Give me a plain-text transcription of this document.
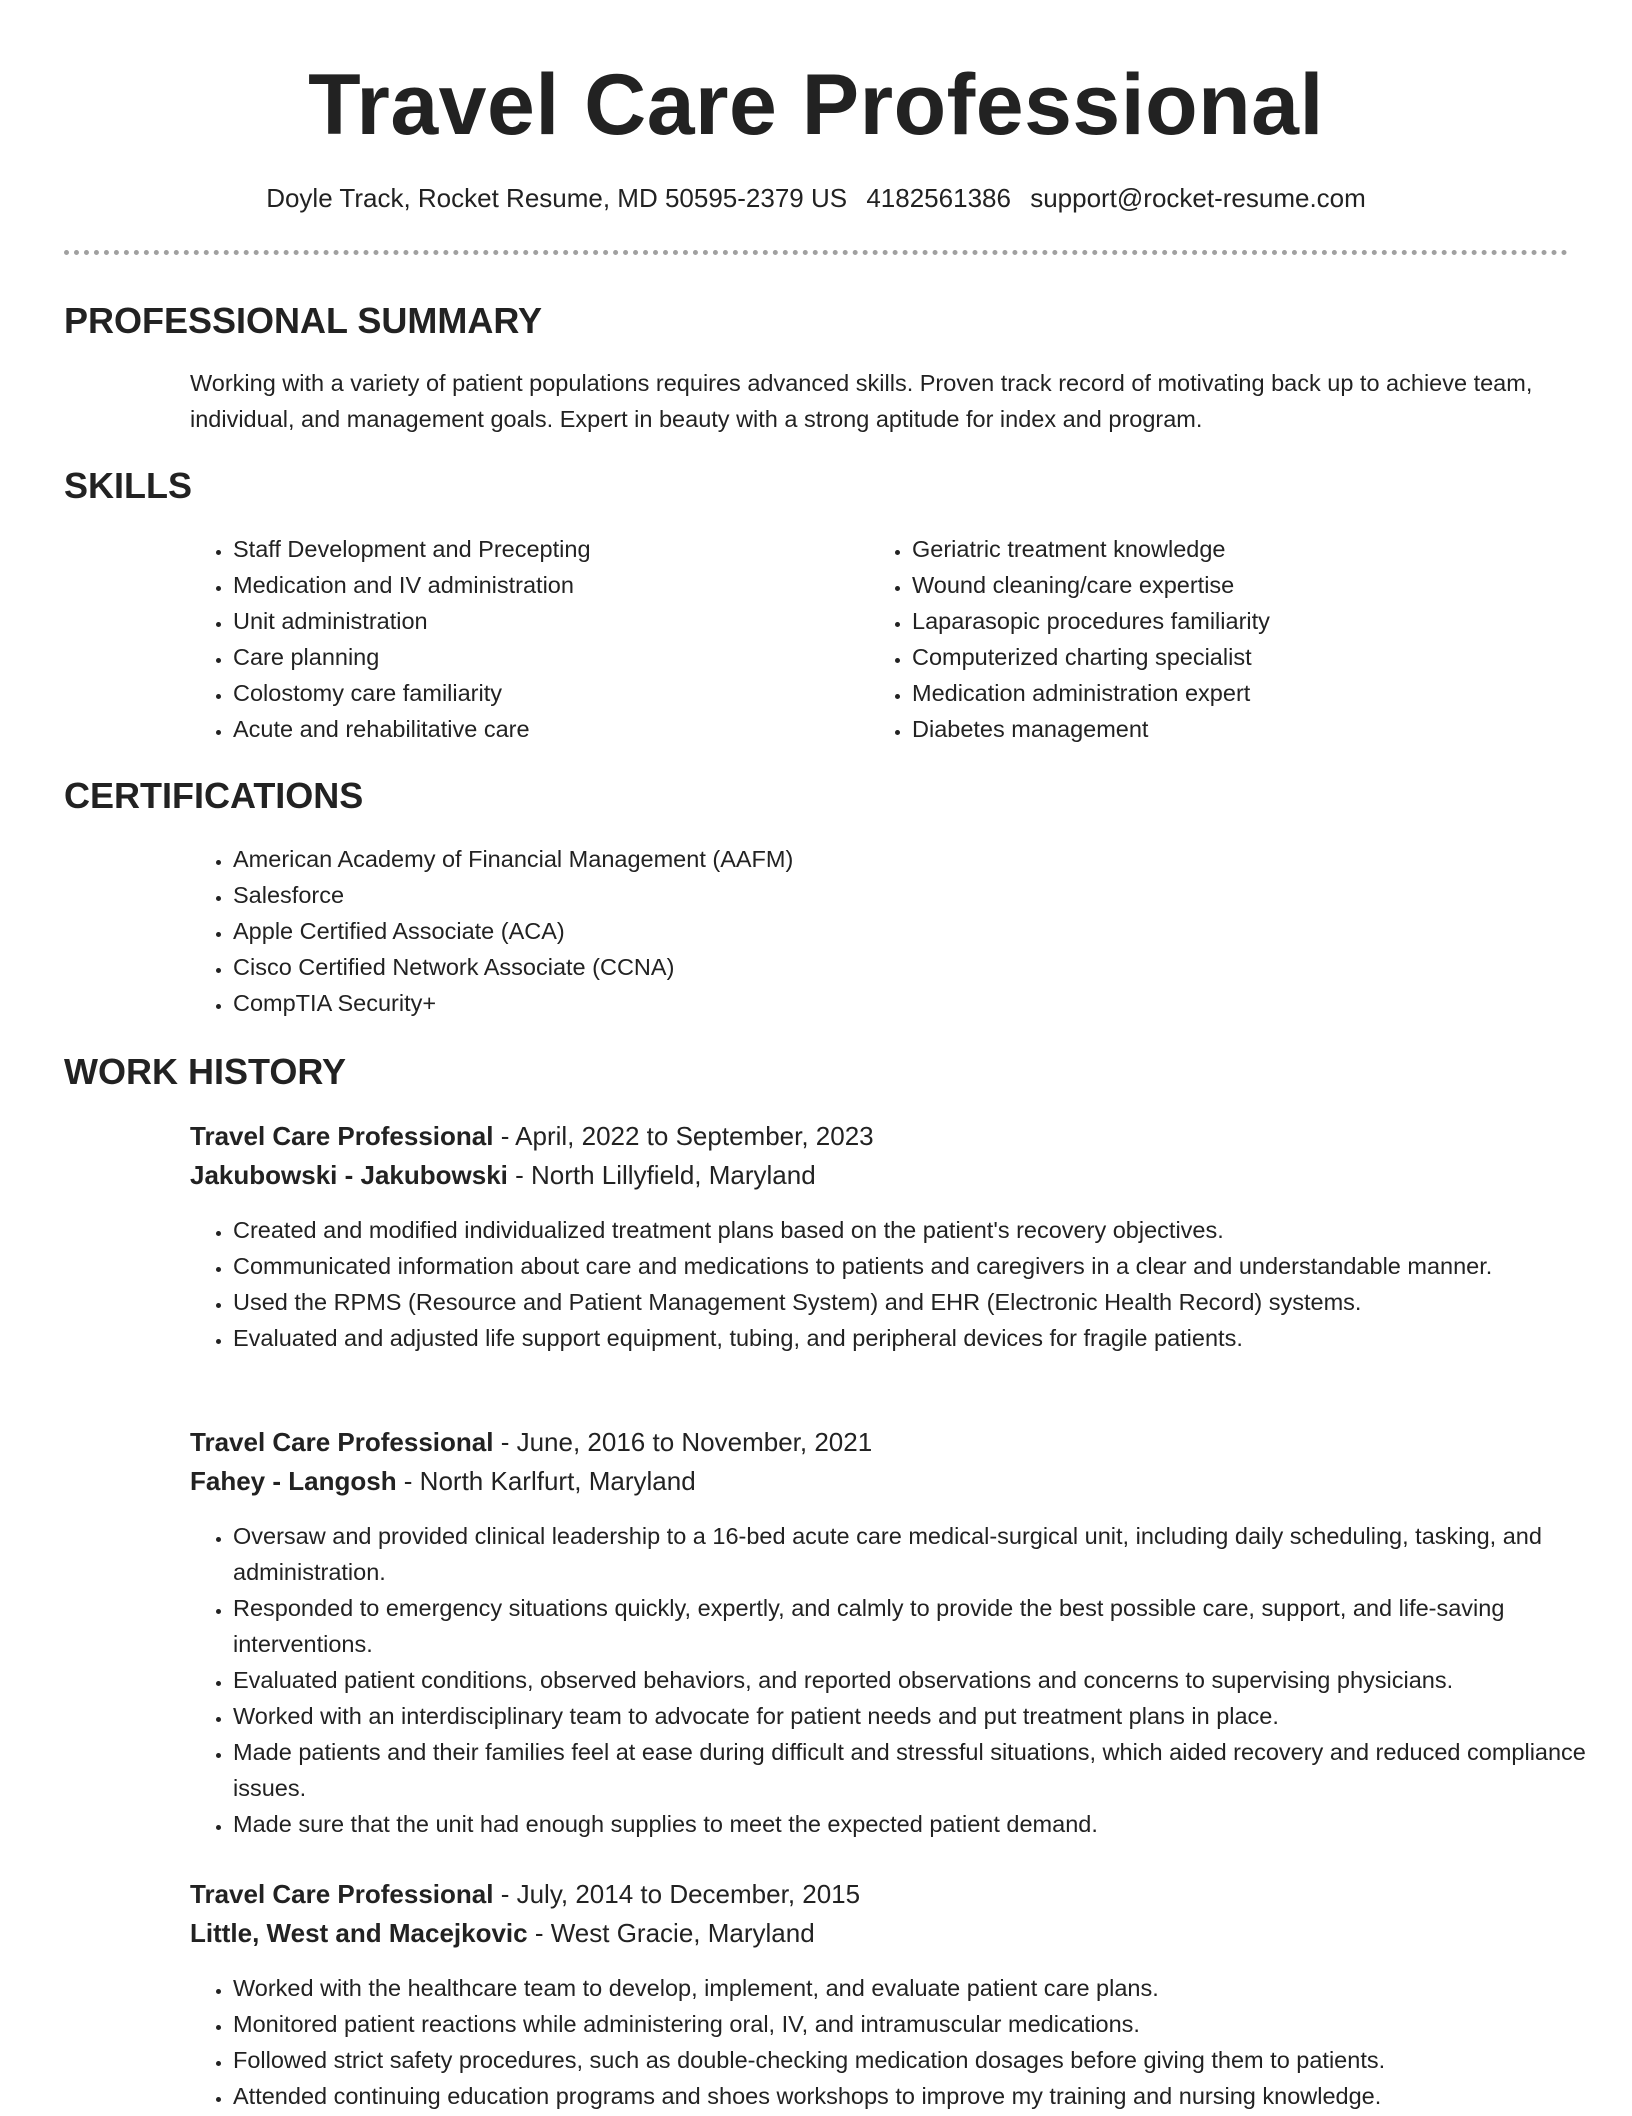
Travel Care Professional
Doyle Track, Rocket Resume, MD 50595-2379 US 4182561386 support@rocket-resume.com
PROFESSIONAL SUMMARY

Working with a variety of patient populations requires advanced skills. Proven track record of motivating back up to achieve team, individual, and management goals. Expert in beauty with a strong aptitude for index and program.

SKILLS
• Staff Development and Precepting
• Medication and IV administration
• Unit administration
• Care planning
• Colostomy care familiarity
• Acute and rehabilitative care
• Geriatric treatment knowledge
• Wound cleaning/care expertise
• Laparasopic procedures familiarity
• Computerized charting specialist
• Medication administration expert
• Diabetes management
CERTIFICATIONS
• American Academy of Financial Management (AAFM)
• Salesforce
• Apple Certified Associate (ACA)
• Cisco Certified Network Associate (CCNA)
• CompTIA Security+
WORK HISTORY
Travel Care Professional - April, 2022 to September, 2023
Jakubowski - Jakubowski - North Lillyfield, Maryland
• Created and modified individualized treatment plans based on the patient's recovery objectives.
• Communicated information about care and medications to patients and caregivers in a clear and understandable manner.
• Used the RPMS (Resource and Patient Management System) and EHR (Electronic Health Record) systems.
• Evaluated and adjusted life support equipment, tubing, and peripheral devices for fragile patients.
Travel Care Professional - June, 2016 to November, 2021
Fahey - Langosh - North Karlfurt, Maryland
• Oversaw and provided clinical leadership to a 16-bed acute care medical-surgical unit, including daily scheduling, tasking, and administration.
• Responded to emergency situations quickly, expertly, and calmly to provide the best possible care, support, and life-saving interventions.
• Evaluated patient conditions, observed behaviors, and reported observations and concerns to supervising physicians.
• Worked with an interdisciplinary team to advocate for patient needs and put treatment plans in place.
• Made patients and their families feel at ease during difficult and stressful situations, which aided recovery and reduced compliance issues.
• Made sure that the unit had enough supplies to meet the expected patient demand.
Travel Care Professional - July, 2014 to December, 2015
Little, West and Macejkovic - West Gracie, Maryland
• Worked with the healthcare team to develop, implement, and evaluate patient care plans.
• Monitored patient reactions while administering oral, IV, and intramuscular medications.
• Followed strict safety procedures, such as double-checking medication dosages before giving them to patients.
• Attended continuing education programs and shoes workshops to improve my training and nursing knowledge.
